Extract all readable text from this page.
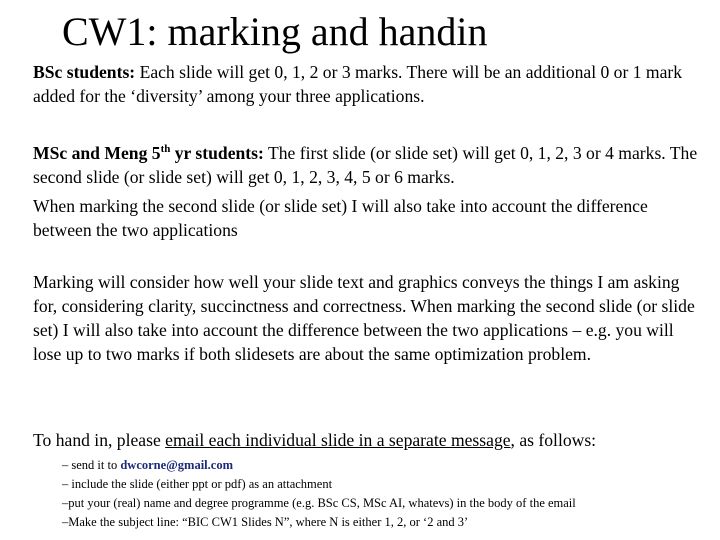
CW1: marking and handin
BSc students: Each slide will get 0, 1, 2 or 3 marks. There will be an additional 0 or 1 mark added for the ‘diversity’ among your three applications.
MSc and Meng 5th yr students: The first slide (or slide set) will get 0, 1, 2, 3 or 4 marks. The second slide (or slide set) will get 0, 1, 2, 3, 4, 5 or 6 marks.
When marking the second slide (or slide set) I will also take into account the difference between the two applications
Marking will consider how well your slide text and graphics conveys the things I am asking for, considering clarity, succinctness and correctness. When marking the second slide (or slide set) I will also take into account the difference between the two applications – e.g. you will lose up to two marks if both slidesets are about the same optimization problem.
To hand in, please email each individual slide in a separate message, as follows:
– send it to dwcorne@gmail.com
– include the slide (either ppt or pdf) as an attachment
–put your (real) name and degree programme (e.g. BSc CS, MSc AI, whatevs) in the body of the email
–Make the subject line: “BIC CW1 Slides N”, where N is either 1, 2, or ‘2 and 3’
